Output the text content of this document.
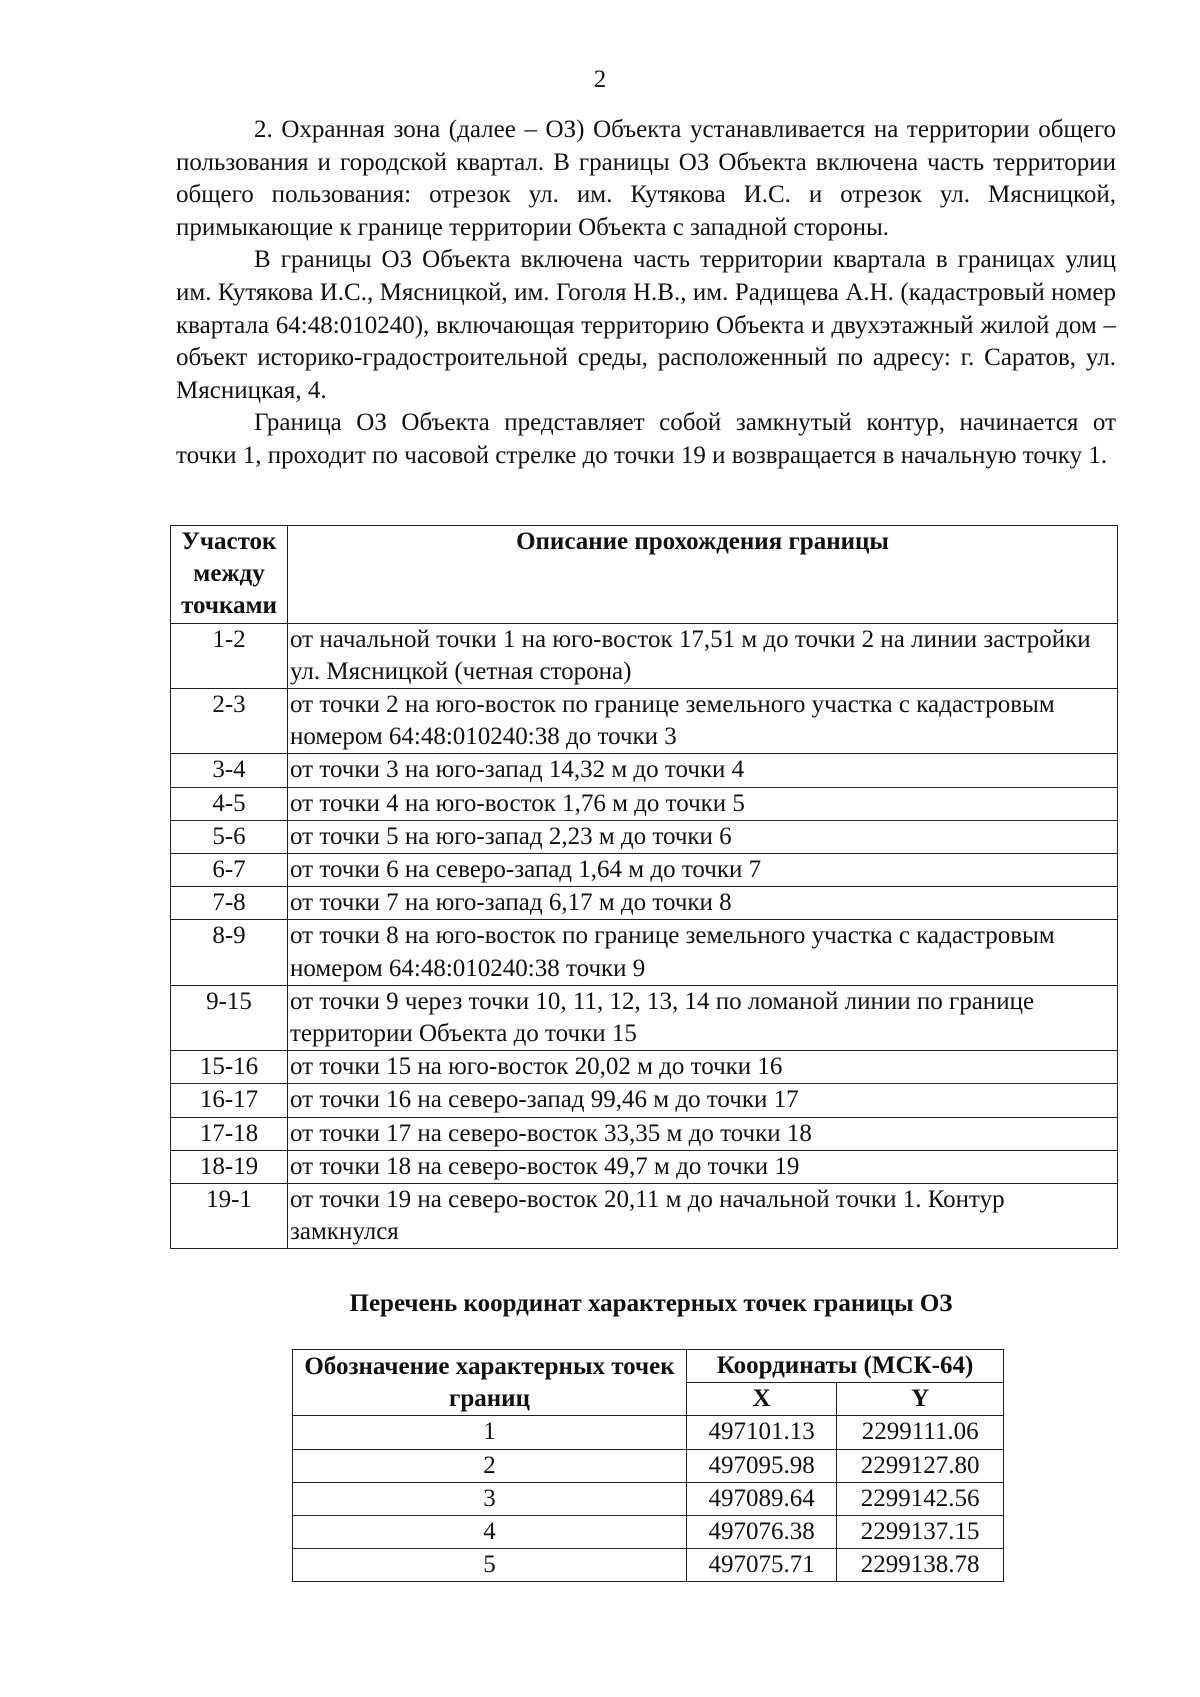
2

2. Охранная зона (далее – ОЗ) Объекта устанавливается на территории общего пользования и городской квартал. В границы ОЗ Объекта включена часть территории общего пользования: отрезок ул. им. Кутякова И.С. и отрезок ул. Мясницкой, примыкающие к границе территории Объекта с западной стороны.

В границы ОЗ Объекта включена часть территории квартала в границах улиц им. Кутякова И.С., Мясницкой, им. Гоголя Н.В., им. Радищева А.Н. (кадастровый номер квартала 64:48:010240), включающая территорию Объекта и двухэтажный жилой дом – объект историко-градостроительной среды, расположенный по адресу: г. Саратов, ул. Мясницкая, 4.

Граница ОЗ Объекта представляет собой замкнутый контур, начинается от точки 1, проходит по часовой стрелке до точки 19 и возвращается в начальную точку 1.

Участок между точками	Описание прохождения границы
1-2	от начальной точки 1 на юго-восток 17,51 м до точки 2 на линии застройки ул. Мясницкой (четная сторона)
2-3	от точки 2 на юго-восток по границе земельного участка с кадастровым номером 64:48:010240:38 до точки 3
3-4	от точки 3 на юго-запад 14,32 м до точки 4
4-5	от точки 4 на юго-восток 1,76 м до точки 5
5-6	от точки 5 на юго-запад 2,23 м до точки 6
6-7	от точки 6 на северо-запад 1,64 м до точки 7
7-8	от точки 7 на юго-запад 6,17 м до точки 8
8-9	от точки 8 на юго-восток по границе земельного участка с кадастровым номером 64:48:010240:38 точки 9
9-15	от точки 9 через точки 10, 11, 12, 13, 14 по ломаной линии по границе территории Объекта до точки 15
15-16	от точки 15 на юго-восток 20,02 м до точки 16
16-17	от точки 16 на северо-запад 99,46 м до точки 17
17-18	от точки 17 на северо-восток 33,35 м до точки 18
18-19	от точки 18 на северо-восток 49,7 м до точки 19
19-1	от точки 19 на северо-восток 20,11 м до начальной точки 1. Контур замкнулся
Перечень координат характерных точек границы ОЗ
Обозначение характерных точек границ	Координаты (МСК-64)	
	X	Y
1	497101.13	2299111.06
2	497095.98	2299127.80
3	497089.64	2299142.56
4	497076.38	2299137.15
5	497075.71	2299138.78
